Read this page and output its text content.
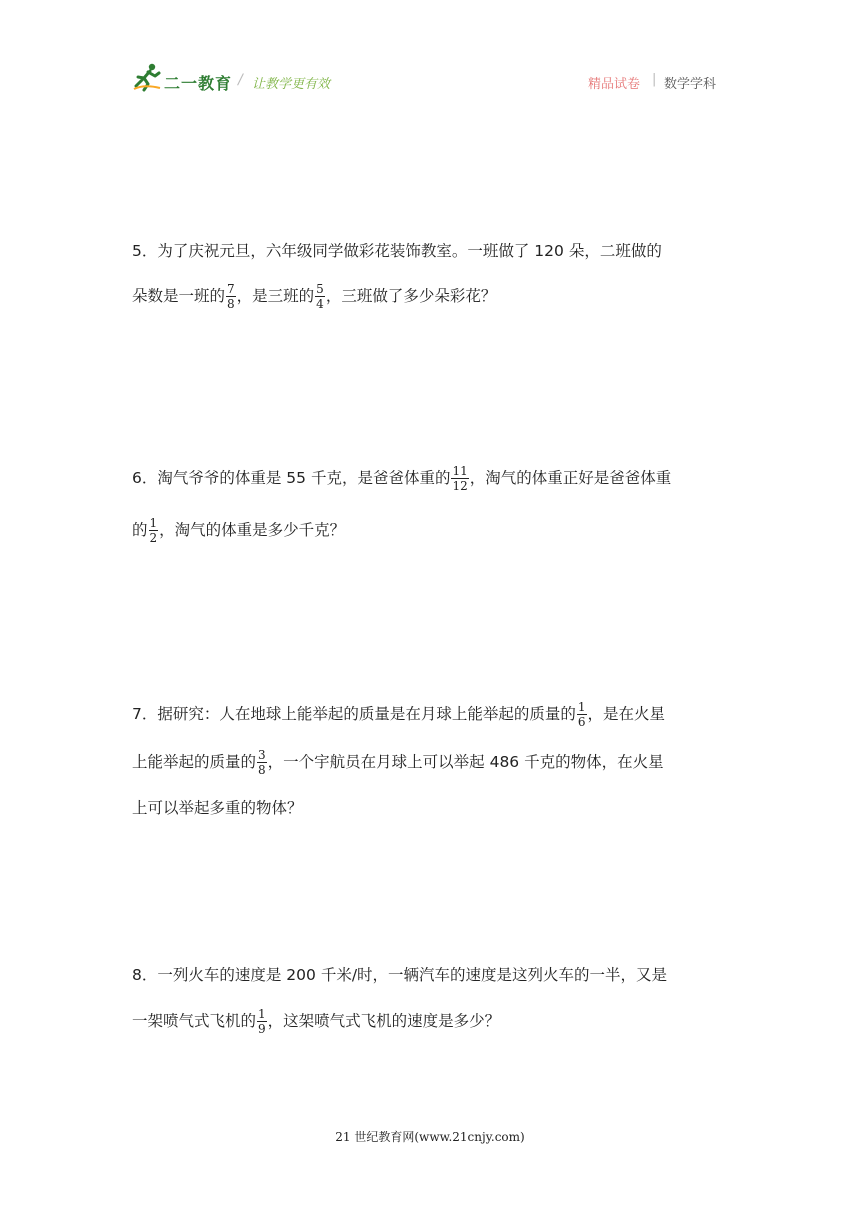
二一教育 / 让教学更有效	精品试卷 | 数学学科
5．为了庆祝元旦，六年级同学做彩花装饰教室。一班做了 120 朵，二班做的
朵数是一班的 $\frac{7}{8}$ ，是三班的 $\frac{5}{4}$ ，三班做了多少朵彩花？
6．淘气爷爷的体重是 55 千克，是爸爸体重的 $\frac{11}{12}$ ，淘气的体重正好是爸爸体重
的 $\frac{1}{2}$ ，淘气的体重是多少千克？
7．据研究：人在地球上能举起的质量是在月球上能举起的质量的 $\frac{1}{6}$ ，是在火星
上能举起的质量的 $\frac{3}{8}$ ，一个宇航员在月球上可以举起 486 千克的物体，在火星
上可以举起多重的物体？
8．一列火车的速度是 200 千米/时，一辆汽车的速度是这列火车的一半，又是
一架喷气式飞机的 $\frac{1}{9}$ ，这架喷气式飞机的速度是多少？
21 世纪教育网(www.21cnjy.com)
